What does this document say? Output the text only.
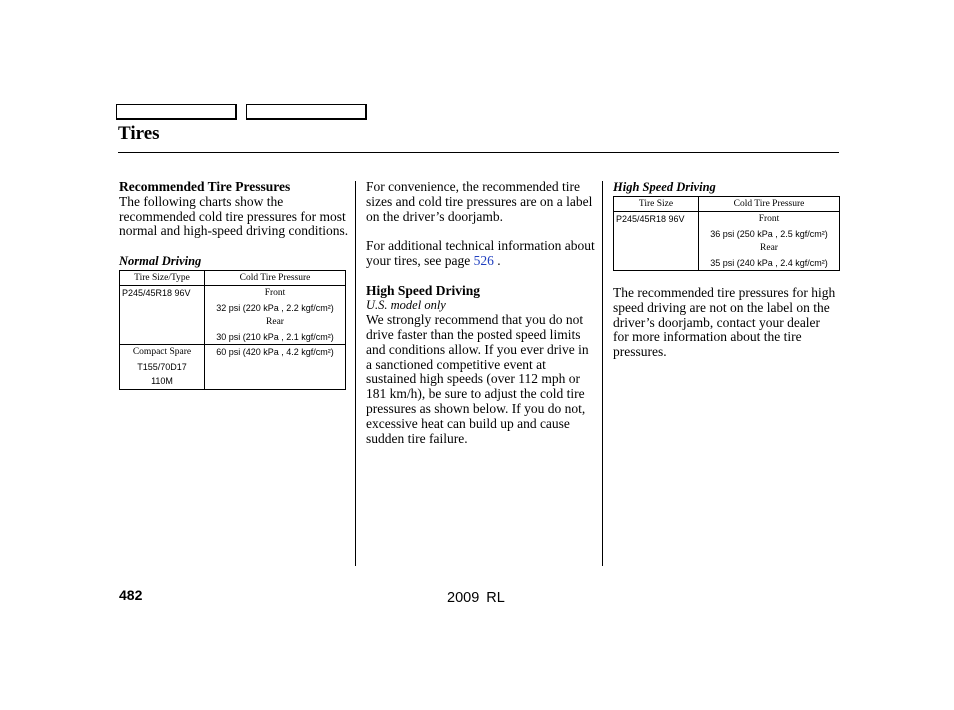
Tires

Recommended Tire Pressures

The following charts show the recommended cold tire pressures for most normal and high-speed driving conditions.

Normal Driving

Tire Size/Type	Cold Tire Pressure
P245/45R18 96V	Front
32 psi (220 kPa , 2.2 kgf/cm²)
Rear
30 psi (210 kPa , 2.1 kgf/cm²)

Compact Spare
T155/70D17
110M	60 psi (420 kPa , 4.2 kgf/cm²)

For convenience, the recommended tire sizes and cold tire pressures are on a label on the driver’s doorjamb.

For additional technical information about your tires, see page 526 .

High Speed Driving

U.S. model only

We strongly recommend that you do not drive faster than the posted speed limits and conditions allow. If you ever drive in a sanctioned competitive event at sustained high speeds (over 112 mph or 181 km/h), be sure to adjust the cold tire pressures as shown below. If you do not, excessive heat can build up and cause sudden tire failure.

High Speed Driving

Tire Size	Cold Tire Pressure
P245/45R18 96V	Front
36 psi (250 kPa , 2.5 kgf/cm²)
Rear
35 psi (240 kPa , 2.4 kgf/cm²)

The recommended tire pressures for high speed driving are not on the label on the driver’s doorjamb, contact your dealer for more information about the tire pressures.

482	2009 RL
